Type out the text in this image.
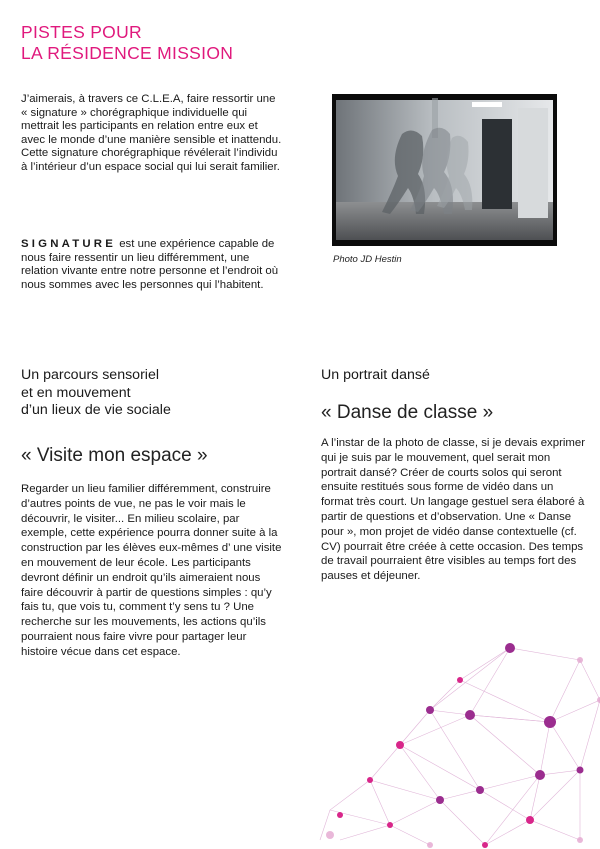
PISTES POUR
LA RÉSIDENCE MISSION

J’aimerais, à travers ce C.L.E.A, faire ressortir une « signature » chorégraphique individuelle qui mettrait les participants en relation entre eux et avec le monde d’une manière sensible et inattendu. Cette signature chorégraphique révélerait l’individu à l’intérieur d’un espace social qui lui serait familier.

SIGNATURE est une expérience capable de nous faire ressentir un lieu différemment, une relation vivante entre notre personne et l’endroit où nous sommes avec les personnes qui l’habitent.

Photo JD Hestin
Un parcours sensoriel
et en mouvement
d’un lieux de vie sociale
« Visite mon espace »

Regarder un lieu familier différemment, construire d’autres points de vue, ne pas le voir mais le découvrir, le visiter... En milieu scolaire, par exemple, cette expérience pourra donner suite à la construction par les élèves eux-mêmes d’ une visite en mouvement de leur école. Les participants devront définir un endroit qu’ils aimeraient nous faire découvrir à partir de questions simples : qu’y fais tu, que vois tu, comment t’y sens tu ? Une recherche sur les mouvements, les actions qu’ils pourraient nous faire vivre pour partager leur histoire vécue dans cet espace.

Un portrait dansé
« Danse de classe »

A l’instar de la photo de classe, si je devais exprimer qui je suis par le mouvement, quel serait mon portrait dansé? Créer de courts solos qui seront ensuite restitués sous forme de vidéo dans un format très court. Un langage gestuel sera élaboré à partir de questions et d’observation. Une « Danse pour », mon projet de vidéo danse contextuelle (cf. CV) pourrait être créée à cette occasion. Des temps de travail pourraient être visibles au temps fort des pauses et déjeuner.
